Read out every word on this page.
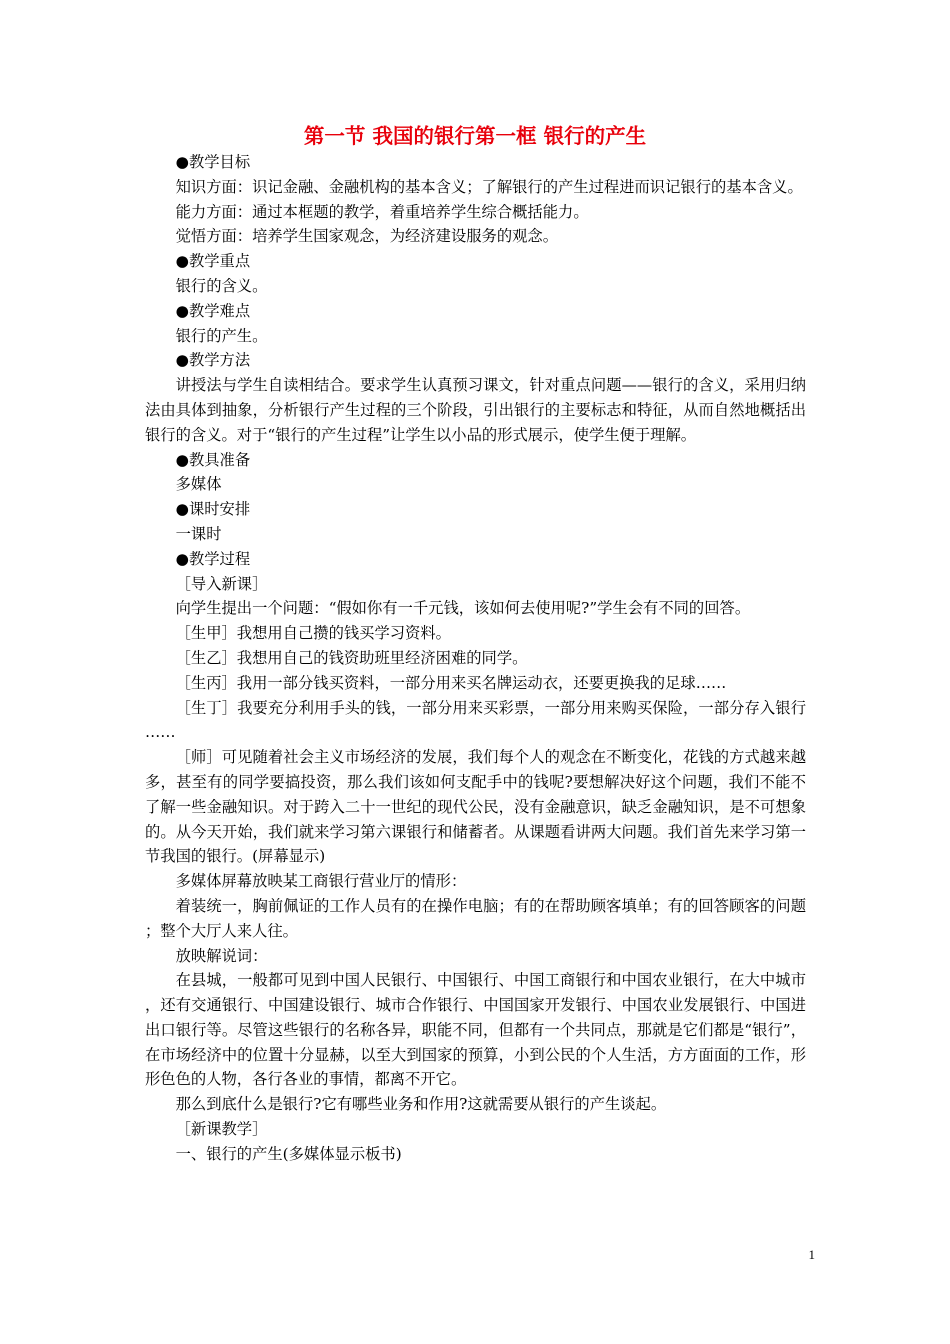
第一节 我国的银行第一框 银行的产生

●教学目标

知识方面：识记金融、金融机构的基本含义；了解银行的产生过程进而识记银行的基本含义。

能力方面：通过本框题的教学，着重培养学生综合概括能力。

觉悟方面：培养学生国家观念，为经济建设服务的观念。

●教学重点

银行的含义。

●教学难点

银行的产生。

●教学方法

讲授法与学生自读相结合。要求学生认真预习课文，针对重点问题——银行的含义，采用归纳法由具体到抽象，分析银行产生过程的三个阶段，引出银行的主要标志和特征，从而自然地概括出银行的含义。对于“银行的产生过程”让学生以小品的形式展示，使学生便于理解。

●教具准备

多媒体

●课时安排

一课时

●教学过程

［导入新课］

向学生提出一个问题：“假如你有一千元钱，该如何去使用呢?”学生会有不同的回答。

［生甲］我想用自己攒的钱买学习资料。

［生乙］我想用自己的钱资助班里经济困难的同学。

［生丙］我用一部分钱买资料，一部分用来买名牌运动衣，还要更换我的足球……

［生丁］我要充分利用手头的钱，一部分用来买彩票，一部分用来购买保险，一部分存入银行……

［师］可见随着社会主义市场经济的发展，我们每个人的观念在不断变化，花钱的方式越来越多，甚至有的同学要搞投资，那么我们该如何支配手中的钱呢?要想解决好这个问题，我们不能不了解一些金融知识。对于跨入二十一世纪的现代公民，没有金融意识，缺乏金融知识，是不可想象的。从今天开始，我们就来学习第六课银行和储蓄者。从课题看讲两大问题。我们首先来学习第一节我国的银行。(屏幕显示)

多媒体屏幕放映某工商银行营业厅的情形：

着装统一，胸前佩证的工作人员有的在操作电脑；有的在帮助顾客填单；有的回答顾客的问题；整个大厅人来人往。

放映解说词：

在县城，一般都可见到中国人民银行、中国银行、中国工商银行和中国农业银行，在大中城市，还有交通银行、中国建设银行、城市合作银行、中国国家开发银行、中国农业发展银行、中国进出口银行等。尽管这些银行的名称各异，职能不同，但都有一个共同点，那就是它们都是“银行”，在市场经济中的位置十分显赫，以至大到国家的预算，小到公民的个人生活，方方面面的工作，形形色色的人物，各行各业的事情，都离不开它。

那么到底什么是银行?它有哪些业务和作用?这就需要从银行的产生谈起。

［新课教学］

一、银行的产生(多媒体显示板书)

1
